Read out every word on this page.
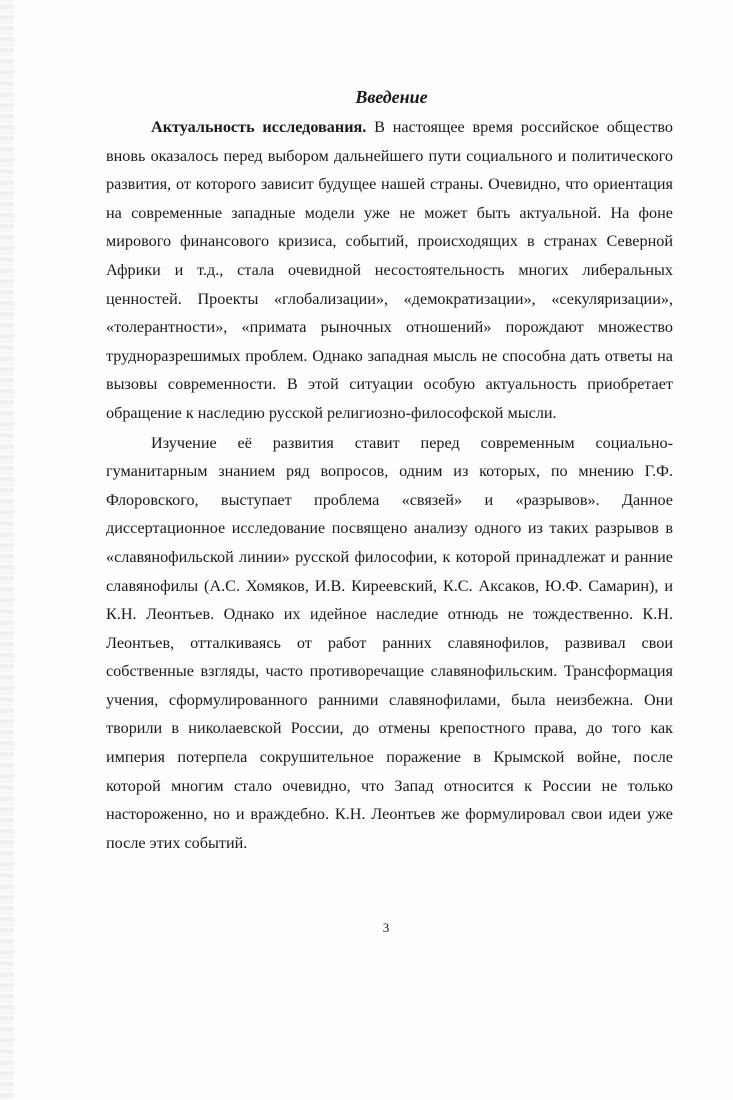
Введение

Актуальность исследования. В настоящее время российское общество вновь оказалось перед выбором дальнейшего пути социального и политического развития, от которого зависит будущее нашей страны. Очевидно, что ориентация на современные западные модели уже не может быть актуальной. На фоне мирового финансового кризиса, событий, происходящих в странах Северной Африки и т.д., стала очевидной несостоятельность многих либеральных ценностей. Проекты «глобализации», «демократизации», «секуляризации», «толерантности», «примата рыночных отношений» порождают множество трудноразрешимых проблем. Однако западная мысль не способна дать ответы на вызовы современности. В этой ситуации особую актуальность приобретает обращение к наследию русской религиозно-философской мысли.

Изучение её развития ставит перед современным социально-гуманитарным знанием ряд вопросов, одним из которых, по мнению Г.Ф. Флоровского, выступает проблема «связей» и «разрывов». Данное диссертационное исследование посвящено анализу одного из таких разрывов в «славянофильской линии» русской философии, к которой принадлежат и ранние славянофилы (А.С. Хомяков, И.В. Киреевский, К.С. Аксаков, Ю.Ф. Самарин), и К.Н. Леонтьев. Однако их идейное наследие отнюдь не тождественно. К.Н. Леонтьев, отталкиваясь от работ ранних славянофилов, развивал свои собственные взгляды, часто противоречащие славянофильским. Трансформация учения, сформулированного ранними славянофилами, была неизбежна. Они творили в николаевской России, до отмены крепостного права, до того как империя потерпела сокрушительное поражение в Крымской войне, после которой многим стало очевидно, что Запад относится к России не только настороженно, но и враждебно. К.Н. Леонтьев же формулировал свои идеи уже после этих событий.

3
